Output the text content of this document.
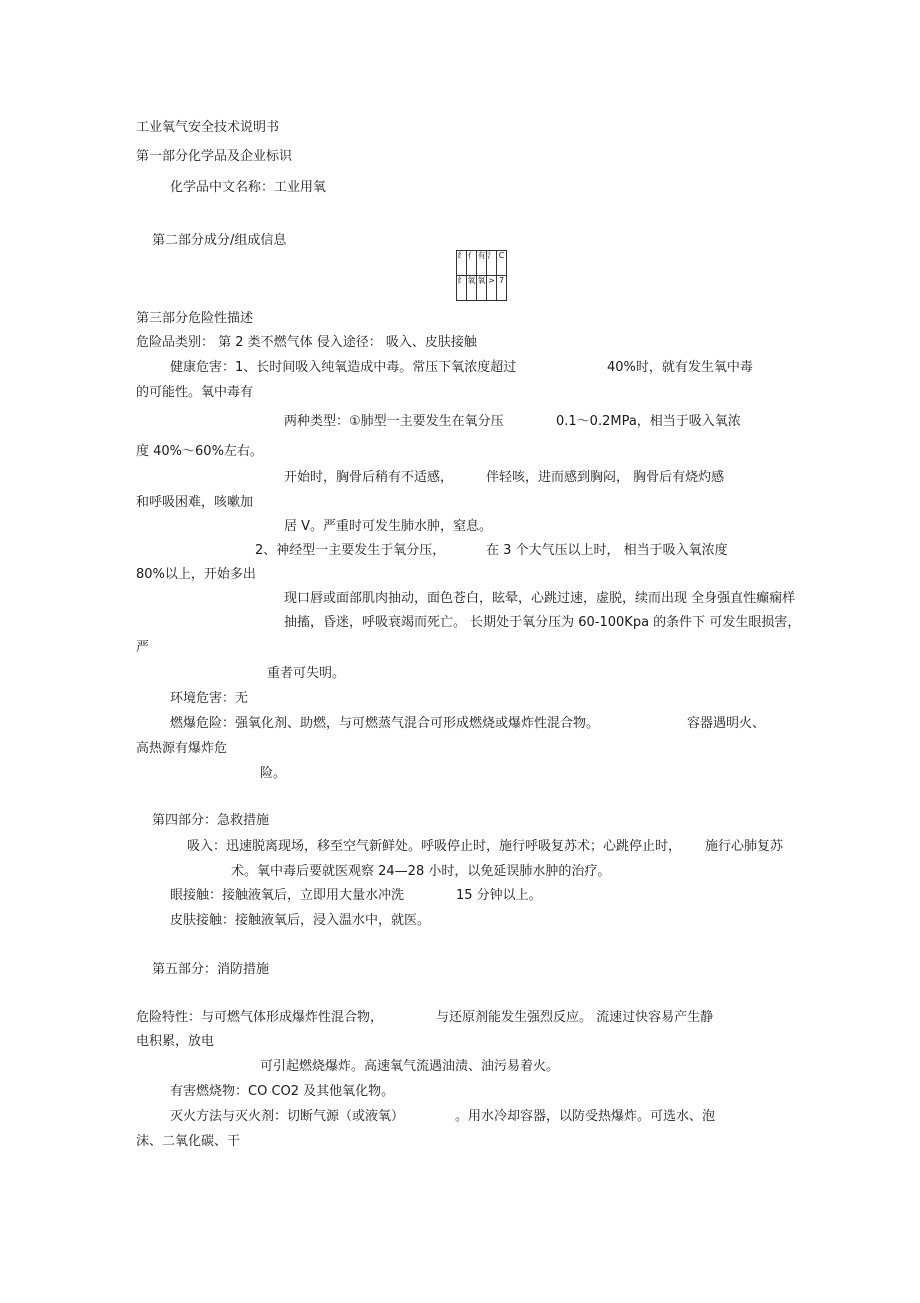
工业氧气安全技术说明书

第一部分化学品及企业标识

化学品中文名称：工业用氧

第二部分成分/组成信息

纟	亻	有	氵	C
纟	氧	氧	>	7

第三部分危险性描述

危险品类别： 第 2 类不燃气体 侵入途径： 吸入、皮肤接触

健康危害：1、长时间吸入纯氧造成中毒。常压下氧浓度超过	40%时，就有发生氧中毒

的可能性。氧中毒有

两种类型：①肺型一主要发生在氧分压	0.1〜0.2MPa，相当于吸入氧浓

度 40%〜60%左右。

开始时，胸骨后稍有不适感，	伴轻咳，进而感到胸闷， 胸骨后有烧灼感

和呼吸困难，咳嗽加

居 V。严重时可发生肺水肿，窒息。

2、神经型一主要发生于氧分压，	在 3 个大气压以上时， 相当于吸入氧浓度

80%以上，开始多出

现口唇或面部肌肉抽动，面色苍白，眩晕，心跳过速，虚脱，续而出现 全身强直性癫痫样

抽搐，昏迷，呼吸衰竭而死亡。 长期处于氧分压为 60-100Kpa 的条件下 可发生眼损害，

严

重者可失明。

环境危害：无

燃爆危险：强氧化剂、助燃，与可燃蒸气混合可形成燃烧或爆炸性混合物。	容器遇明火、

高热源有爆炸危

险。

第四部分：急救措施

吸入：迅速脱离现场，移至空气新鲜处。呼吸停止时，施行呼吸复苏术；心跳停止时， 施行心肺复苏

术。氧中毒后要就医观察 24—28 小时，以免延误肺水肿的治疗。

眼接触：接触液氧后，立即用大量水冲洗	15 分钟以上。

皮肤接触：接触液氧后，浸入温水中，就医。

第五部分：消防措施

危险特性：与可燃气体形成爆炸性混合物，	与还原剂能发生强烈反应。 流速过快容易产生静

电积累，放电

可引起燃烧爆炸。高速氧气流遇油渍、油污易着火。

有害燃烧物：CO CO2 及其他氧化物。

灭火方法与灭火剂：切断气源（或液氧）	。用水冷却容器，以防受热爆炸。可选水、泡

沫、二氧化碳、干
